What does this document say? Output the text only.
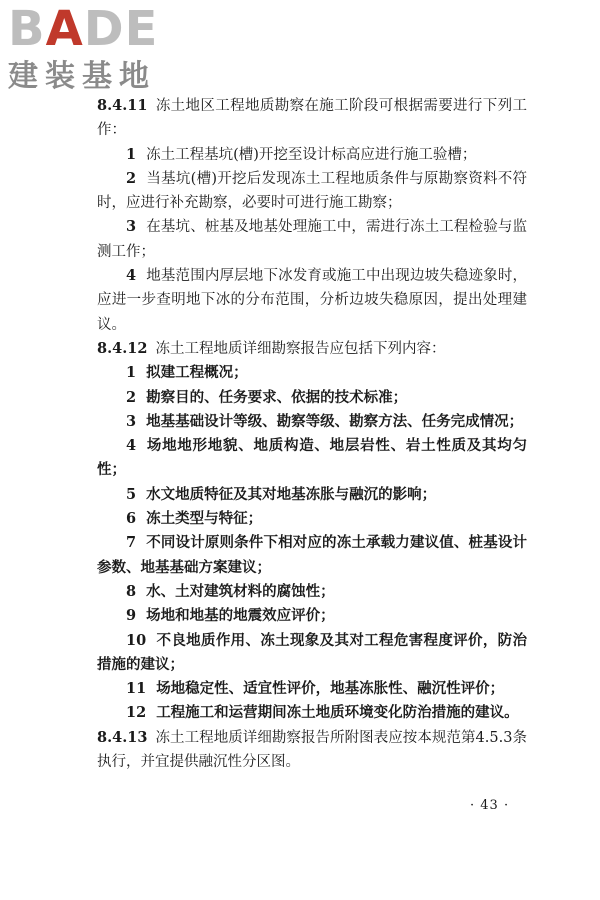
BADE
建装基地

8.4.11 冻土地区工程地质勘察在施工阶段可根据需要进行下列工作：

1 冻土工程基坑(槽)开挖至设计标高应进行施工验槽；

2 当基坑(槽)开挖后发现冻土工程地质条件与原勘察资料不符时，应进行补充勘察，必要时可进行施工勘察；

3 在基坑、桩基及地基处理施工中，需进行冻土工程检验与监测工作；

4 地基范围内厚层地下冰发育或施工中出现边坡失稳迹象时，应进一步查明地下冰的分布范围，分析边坡失稳原因，提出处理建议。

8.4.12 冻土工程地质详细勘察报告应包括下列内容：

1 拟建工程概况；

2 勘察目的、任务要求、依据的技术标准；

3 地基基础设计等级、勘察等级、勘察方法、任务完成情况；

4 场地地形地貌、地质构造、地层岩性、岩土性质及其均匀性；

5 水文地质特征及其对地基冻胀与融沉的影响；

6 冻土类型与特征；

7 不同设计原则条件下相对应的冻土承载力建议值、桩基设计参数、地基基础方案建议；

8 水、土对建筑材料的腐蚀性；

9 场地和地基的地震效应评价；

10 不良地质作用、冻土现象及其对工程危害程度评价，防治措施的建议；

11 场地稳定性、适宜性评价，地基冻胀性、融沉性评价；

12 工程施工和运营期间冻土地质环境变化防治措施的建议。

8.4.13 冻土工程地质详细勘察报告所附图表应按本规范第4.5.3条执行，并宜提供融沉性分区图。

· 43 ·
